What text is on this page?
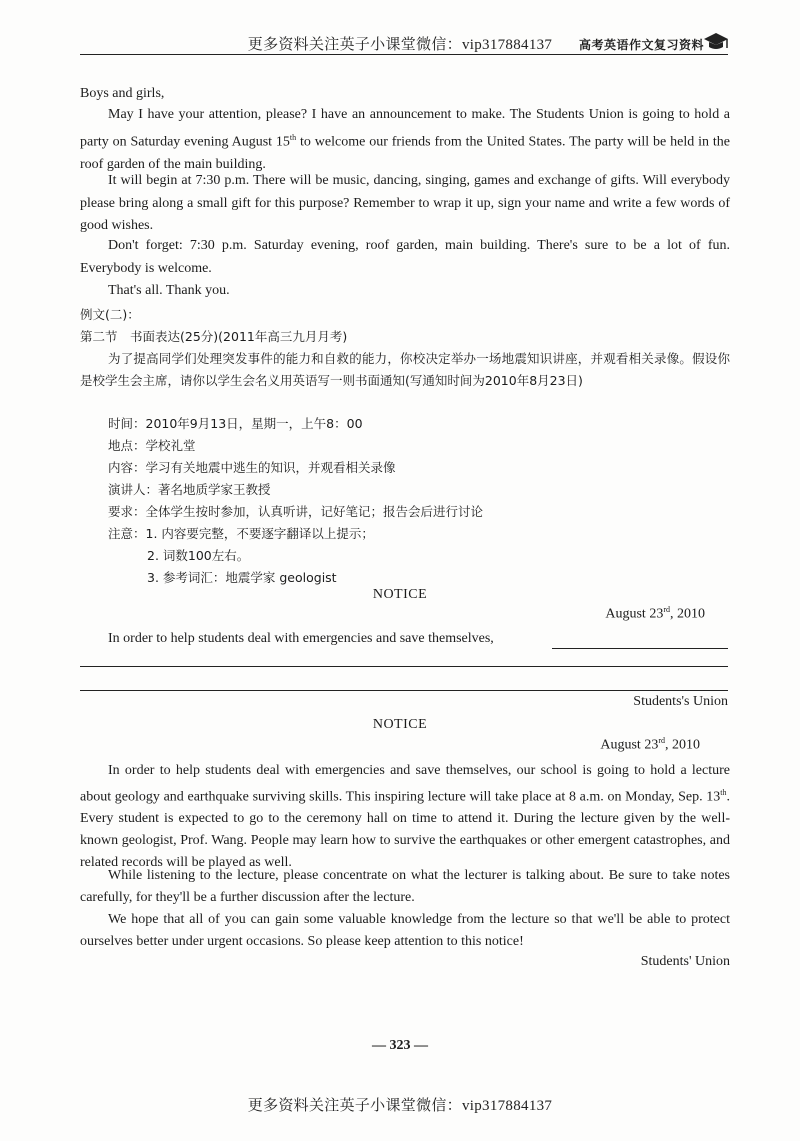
更多资料关注英子小课堂微信：vip317884137	高考英语作文复习资料
Boys and girls,
May I have your attention, please? I have an announcement to make. The Students Union is going to hold a party on Saturday evening August 15th to welcome our friends from the United States. The party will be held in the roof garden of the main building.
It will begin at 7:30 p.m. There will be music, dancing, singing, games and exchange of gifts. Will everybody please bring along a small gift for this purpose? Remember to wrap it up, sign your name and write a few words of good wishes.
Don't forget: 7:30 p.m. Saturday evening, roof garden, main building. There's sure to be a lot of fun. Everybody is welcome.
That's all. Thank you.
例文(二)：
第二节　书面表达(25分)(2011年高三九月月考)
为了提高同学们处理突发事件的能力和自救的能力，你校决定举办一场地震知识讲座，并观看相关录像。假设你是校学生会主席，请你以学生会名义用英语写一则书面通知(写通知时间为2010年8月23日)
时间：2010年9月13日，星期一，上午8：00
地点：学校礼堂
内容：学习有关地震中逃生的知识，并观看相关录像
演讲人：著名地质学家王教授
要求：全体学生按时参加，认真听讲，记好笔记；报告会后进行讨论
注意：1. 内容要完整，不要逐字翻译以上提示；
2. 词数100左右。
3. 参考词汇：地震学家 geologist
NOTICE
August 23rd, 2010
In order to help students deal with emergencies and save themselves,
Students's Union
NOTICE
August 23rd, 2010
In order to help students deal with emergencies and save themselves, our school is going to hold a lecture about geology and earthquake surviving skills. This inspiring lecture will take place at 8 a.m. on Monday, Sep. 13th. Every student is expected to go to the ceremony hall on time to attend it. During the lecture given by the well-known geologist, Prof. Wang. People may learn how to survive the earthquakes or other emergent catastrophes, and related records will be played as well.
While listening to the lecture, please concentrate on what the lecturer is talking about. Be sure to take notes carefully, for they'll be a further discussion after the lecture.
We hope that all of you can gain some valuable knowledge from the lecture so that we'll be able to protect ourselves better under urgent occasions. So please keep attention to this notice!
Students' Union
— 323 —
更多资料关注英子小课堂微信：vip317884137
